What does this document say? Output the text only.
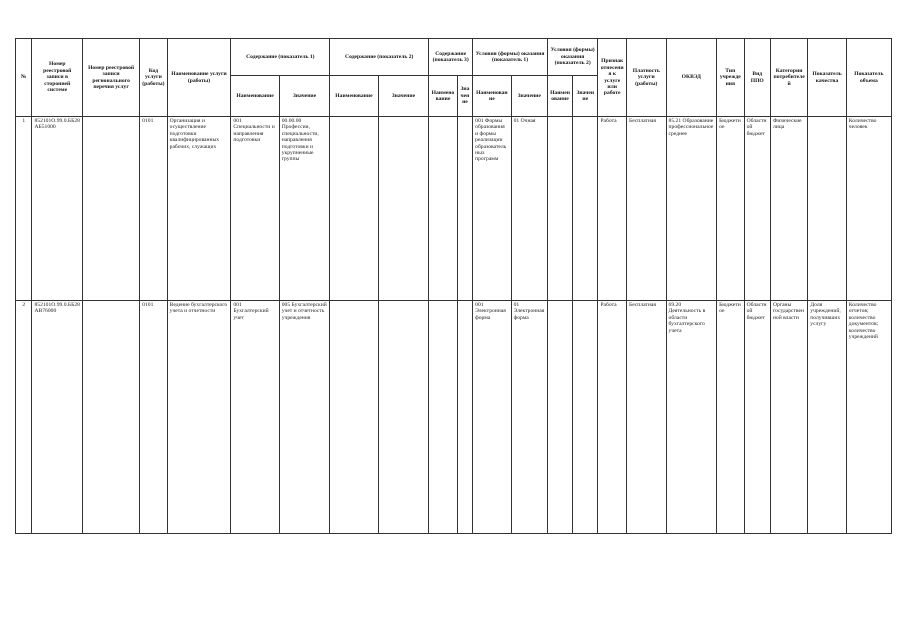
№	Номер реестровой записи в сторонней системе	Номер реестровой записи регионального перечня услуг	Код услуги (работы)	Наименование услуги (работы)	Содержание (показатель 1)		Содержание (показатель 2)		Содержание (показатель 3)		Условия (формы) оказания (показатель 1)		Условия (формы) оказания (показатель 2)		Признак отнесения к услуге или работе	Платность услуги (работы)	ОКВЭД	Тип учреждения	Вид ППО	Категории потребителей	Показатель качества	Показатель объема
					Наименование	Значение	Наименование	Значение	Наименование	Значение	Наименование	Значение	Наименование	Значение								
1	852101О.99.0.ББ28АБ51000		0101	Организация и осуществление подготовки квалифицированных рабочих, служащих	001 Специальности и направления подготовки	00.00.00 Профессии, специальности, направления подготовки и укрупненные группы					001 Формы образования и формы реализации образовательных программ	01 Очная			Работа	Бесплатная	85.21 Образование профессиональное среднее	Бюджетное	Областной бюджет	Физические лица		Количество человек
2	852101О.99.0.ББ28АВ76000		0101	Ведение бухгалтерского учета и отчетности	001 Бухгалтерский учет	005 Бухгалтерский учет и отчетность учреждения					001 Электронная форма	01 Электронная форма			Работа	Бесплатная	69.20 Деятельность в области бухгалтерского учета	Бюджетное	Областной бюджет	Органы государственной власти	Доля учреждений, получивших услугу	Количество отчетов; количество документов; количество учреждений
